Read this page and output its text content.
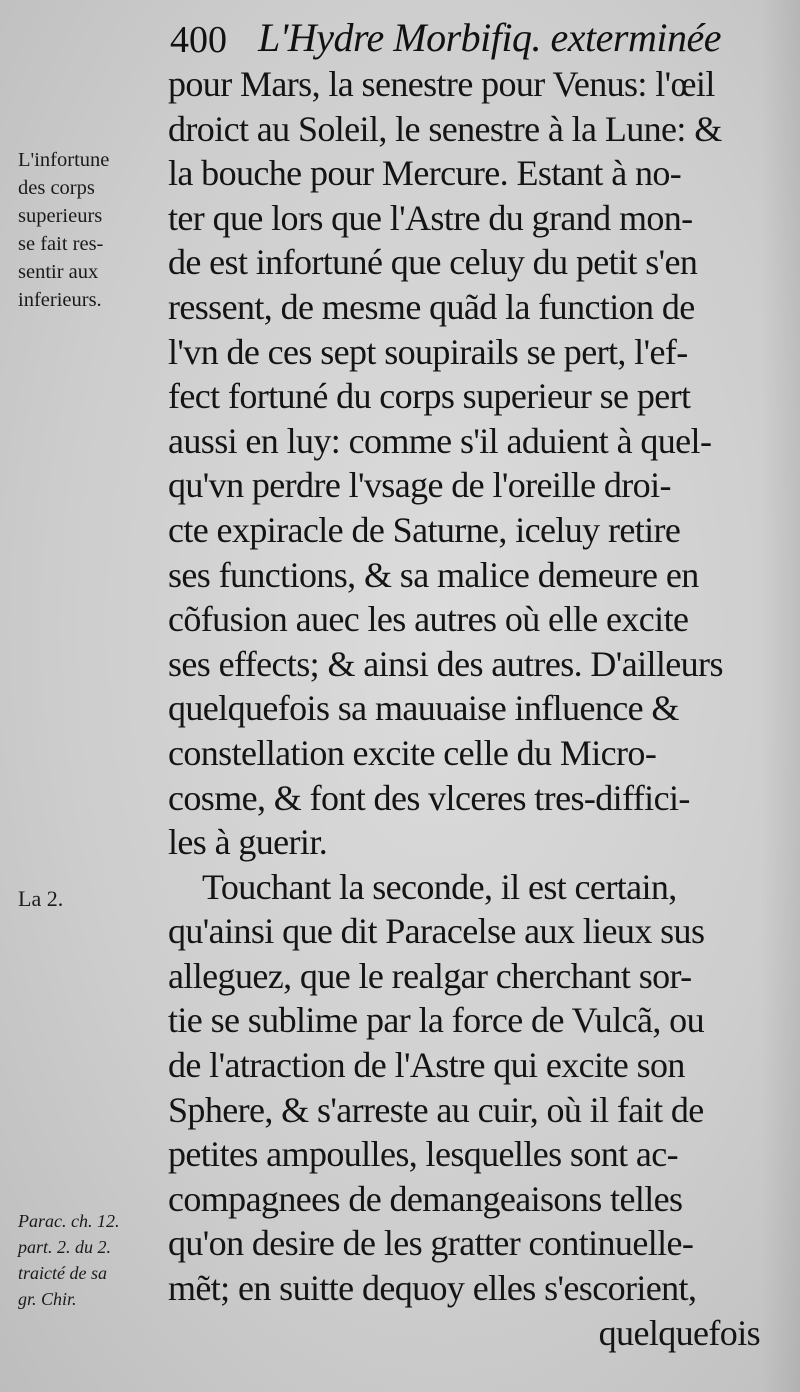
400 L'Hydre Morbifiq. exterminée
L'infortune
des corps
superieurs
se fait res-
sentir aux
inferieurs.
La 2.
Parac. ch. 12.
part. 2. du 2.
traicté de sa
gr. Chir.
pour Mars, la senestre pour Venus: l'œil
droict au Soleil, le senestre à la Lune: &
la bouche pour Mercure. Estant à no-
ter que lors que l'Astre du grand mon-
de est infortuné que celuy du petit s'en
ressent, de mesme quãd la function de
l'vn de ces sept soupirails se pert, l'ef-
fect fortuné du corps superieur se pert
aussi en luy: comme s'il aduient à quel-
qu'vn perdre l'vsage de l'oreille droi-
cte expiracle de Saturne, iceluy retire
ses functions, & sa malice demeure en
cõfusion auec les autres où elle excite
ses effects; & ainsi des autres. D'ailleurs
quelquefois sa mauuaise influence &
constellation excite celle du Micro-
cosme, & font des vlceres tres-diffici-
les à guerir.
Touchant la seconde, il est certain,
qu'ainsi que dit Paracelse aux lieux sus
alleguez, que le realgar cherchant sor-
tie se sublime par la force de Vulcã, ou
de l'atraction de l'Astre qui excite son
Sphere, & s'arreste au cuir, où il fait de
petites ampoulles, lesquelles sont ac-
compagnees de demangeaisons telles
qu'on desire de les gratter continuelle-
mẽt; en suitte dequoy elles s'escorient,
quelquefois
